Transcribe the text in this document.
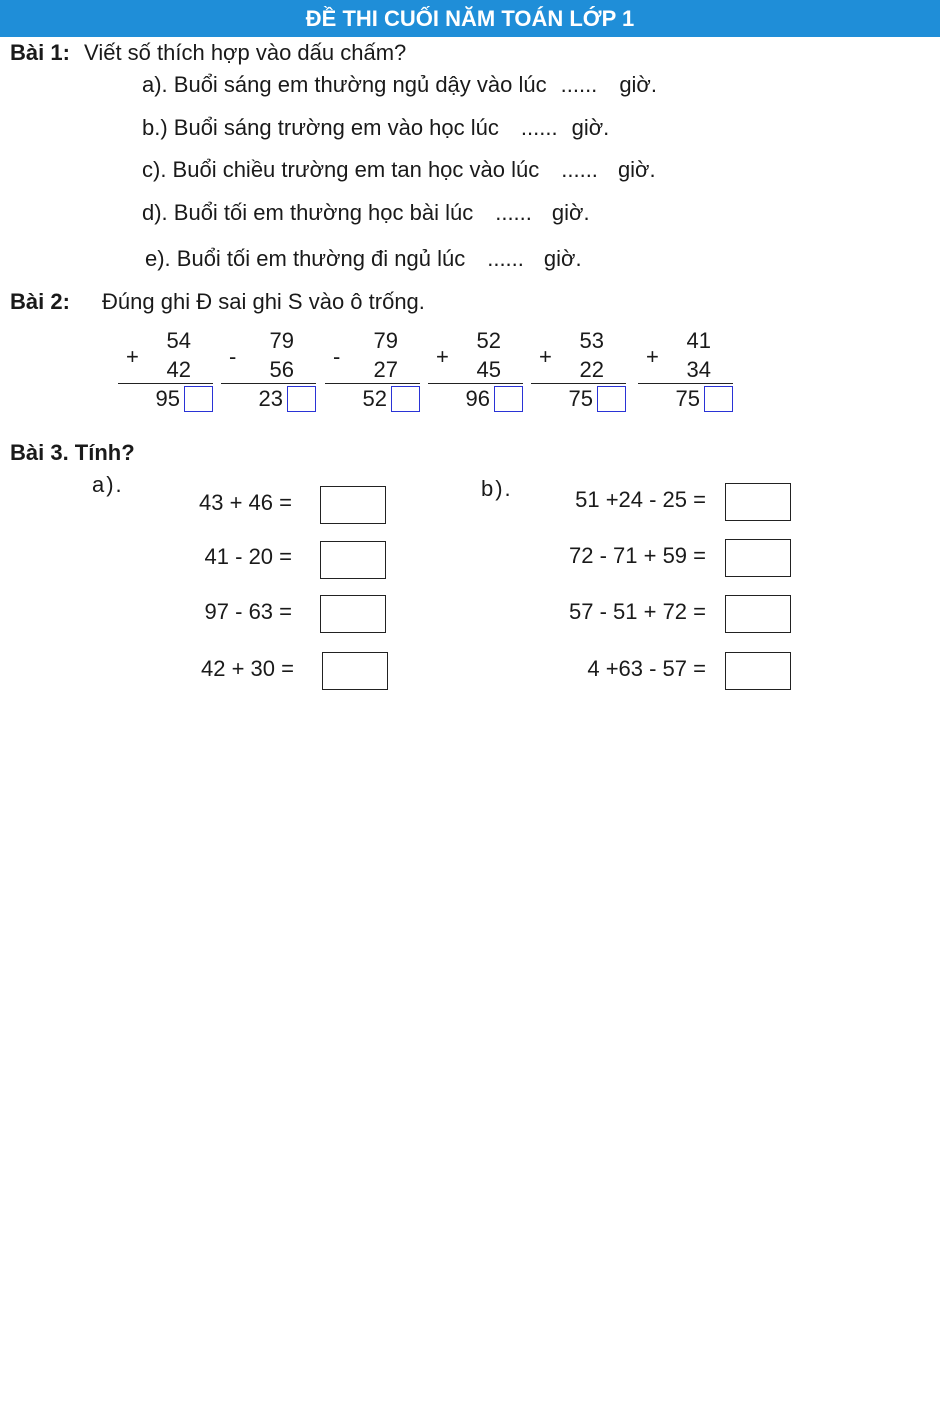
ĐỀ THI CUỐI NĂM TOÁN LỚP 1
Bài 1: Viết số thích hợp vào dấu chấm?
a). Buổi sáng em thường ngủ dậy vào lúc ...... giờ.
b.) Buổi sáng trường em vào học lúc ...... giờ.
c). Buổi chiều trường em tan học vào lúc ...... giờ.
d). Buổi tối em thường học bài lúc ...... giờ.
e). Buổi tối em thường đi ngủ lúc ...... giờ.
Bài 2: Đúng ghi Đ sai ghi S vào ô trống.
54
+
42
95
79
-
56
23
79
-
27
52
52
+
45
96
53
+
22
75
41
+
34
75
Bài 3. Tính?
a).	b).
43 + 46 =
41 - 20 =
97 - 63 =
42 + 30 =
51 +24 - 25 =
72 - 71 + 59 =
57 - 51 + 72 =
4 +63 - 57 =
